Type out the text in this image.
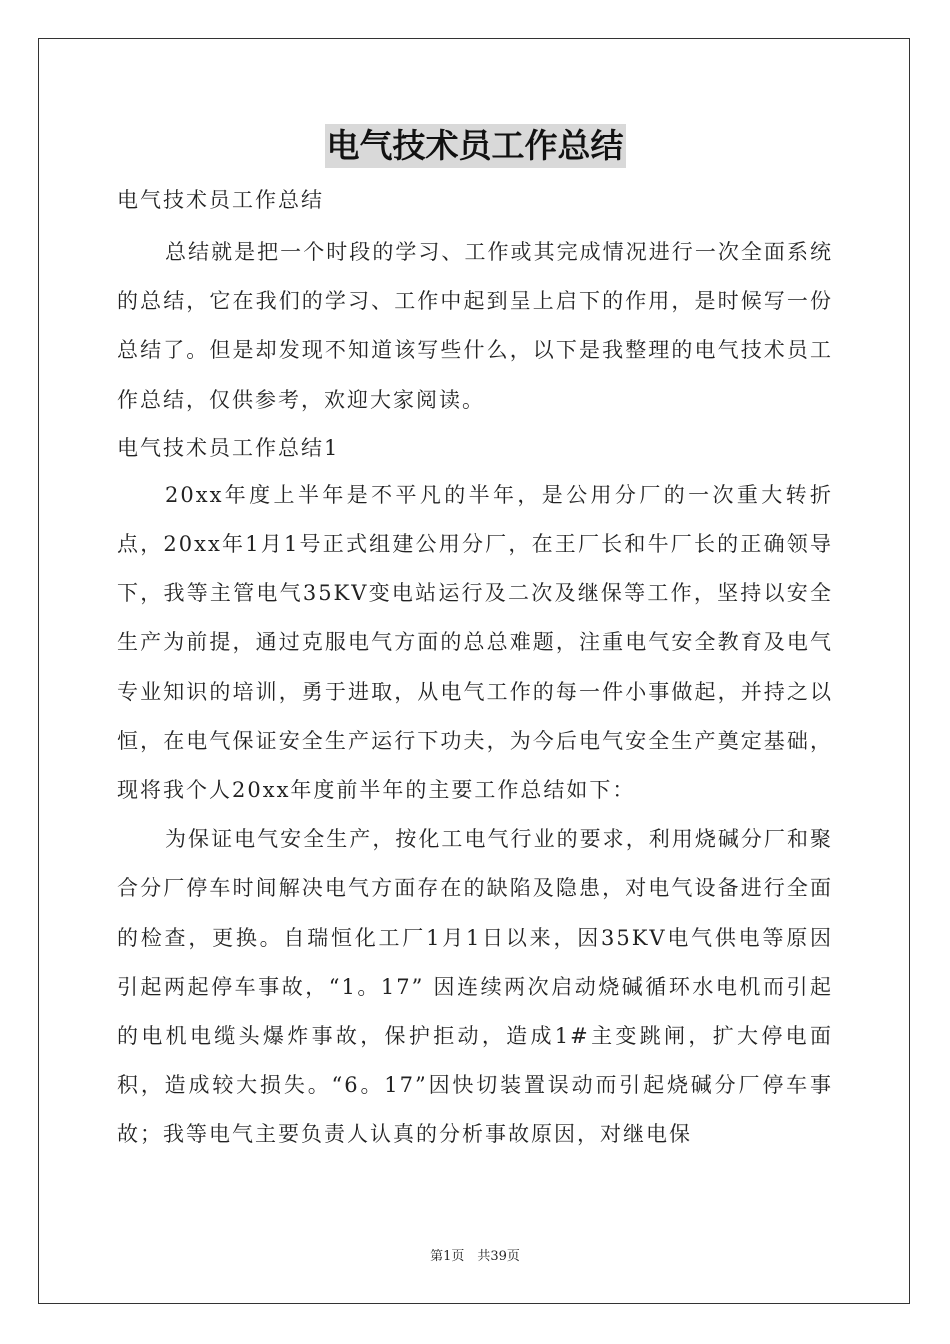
电气技术员工作总结

电气技术员工作总结

总结就是把一个时段的学习、工作或其完成情况进行一次全面系统的总结，它在我们的学习、工作中起到呈上启下的作用，是时候写一份总结了。但是却发现不知道该写些什么，以下是我整理的电气技术员工作总结，仅供参考，欢迎大家阅读。

电气技术员工作总结1

20xx年度上半年是不平凡的半年，是公用分厂的一次重大转折点，20xx年1月1号正式组建公用分厂，在王厂长和牛厂长的正确领导下，我等主管电气35KV变电站运行及二次及继保等工作，坚持以安全生产为前提，通过克服电气方面的总总难题，注重电气安全教育及电气专业知识的培训，勇于进取，从电气工作的每一件小事做起，并持之以恒，在电气保证安全生产运行下功夫，为今后电气安全生产奠定基础，现将我个人20xx年度前半年的主要工作总结如下：

为保证电气安全生产，按化工电气行业的要求，利用烧碱分厂和聚合分厂停车时间解决电气方面存在的缺陷及隐患，对电气设备进行全面的检查，更换。自瑞恒化工厂1月1日以来，因35KV电气供电等原因引起两起停车事故，“1。17” 因连续两次启动烧碱循环水电机而引起的电机电缆头爆炸事故，保护拒动，造成1#主变跳闸，扩大停电面积，造成较大损失。“6。17”因快切装置误动而引起烧碱分厂停车事故；我等电气主要负责人认真的分析事故原因，对继电保

第1页　共39页
